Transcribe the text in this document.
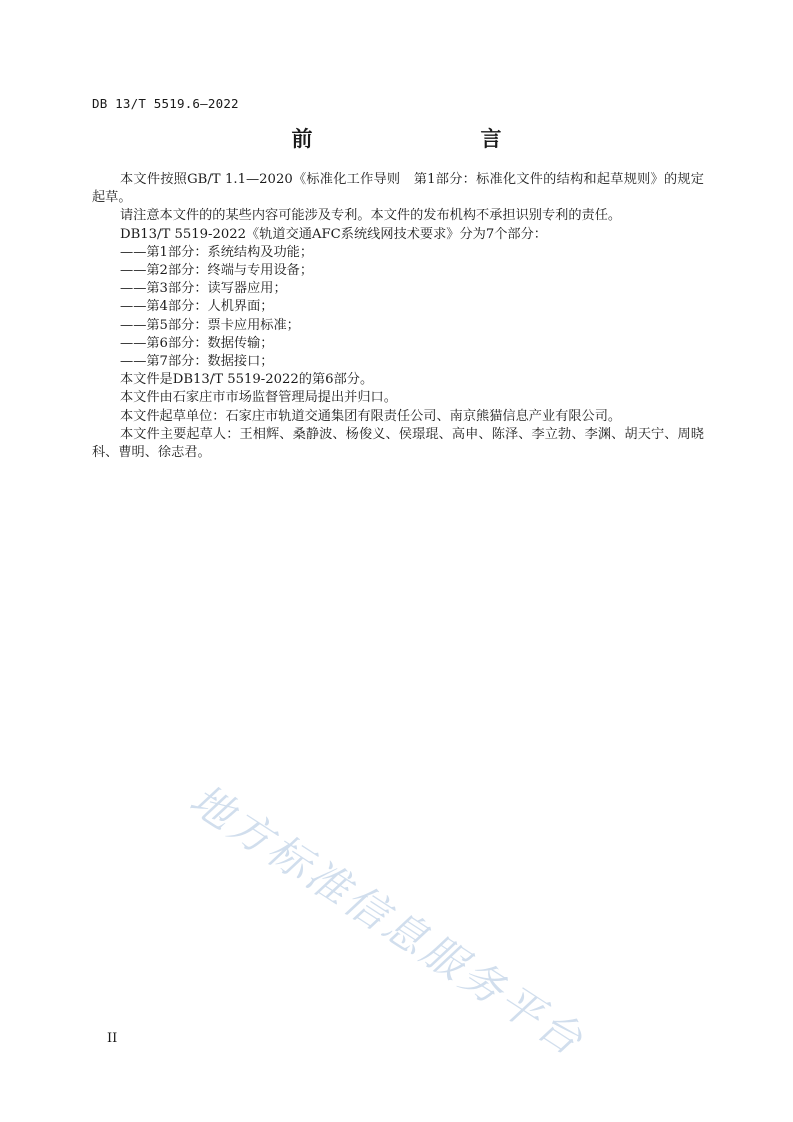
DB 13/T 5519.6—2022
前　　言

本文件按照GB/T 1.1—2020《标准化工作导则　第1部分：标准化文件的结构和起草规则》的规定起草。

请注意本文件的的某些内容可能涉及专利。本文件的发布机构不承担识别专利的责任。

DB13/T 5519-2022《轨道交通AFC系统线网技术要求》分为7个部分：

——第1部分：系统结构及功能；

——第2部分：终端与专用设备；

——第3部分：读写器应用；

——第4部分：人机界面；

——第5部分：票卡应用标准；

——第6部分：数据传输；

——第7部分：数据接口；

本文件是DB13/T 5519-2022的第6部分。

本文件由石家庄市市场监督管理局提出并归口。

本文件起草单位：石家庄市轨道交通集团有限责任公司、南京熊猫信息产业有限公司。

本文件主要起草人：王相辉、桑静波、杨俊义、侯璟琨、高申、陈泽、李立勃、李渊、胡天宁、周晓科、曹明、徐志君。

地方标准信息服务平台
II
